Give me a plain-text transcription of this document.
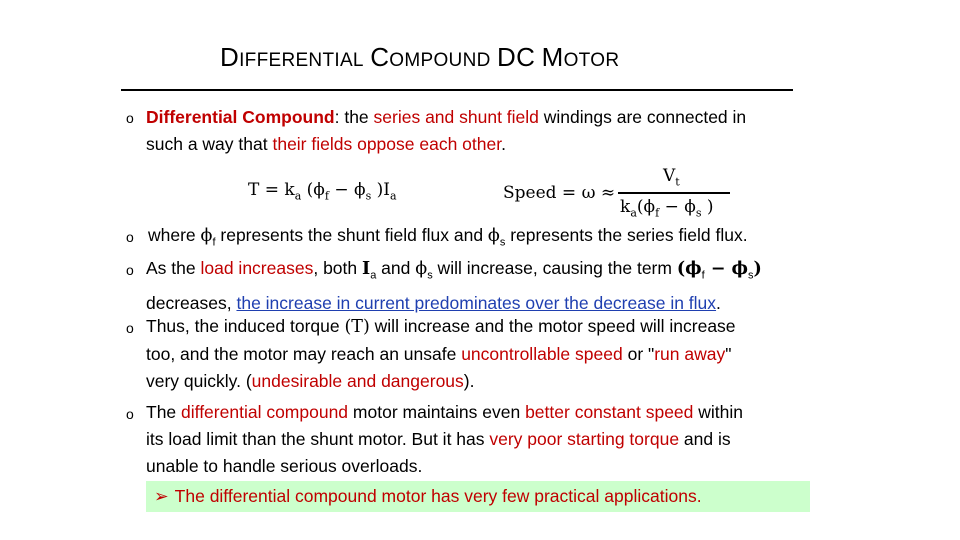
DIFFERENTIAL COMPOUND DC MOTOR
o Differential Compound: the series and shunt field windings are connected in
such a way that their fields oppose each other.
$T = k_a$ ($\phi_f - \phi_s$ )$I_a$	Speed = ω ≈
$V_t$
$k_a(\phi_f - \phi_s$ )
o where $\phi_f$ represents the shunt field flux and $\phi_s$ represents the series field flux.
o As the load increases, both $I_a$ and $\phi_s$ will increase, causing the term $(\phi_f - \phi_s)$
decreases, the increase in current predominates over the decrease in flux.
o Thus, the induced torque (T) will increase and the motor speed will increase
too, and the motor may reach an unsafe uncontrollable speed or "run away"
very quickly. (undesirable and dangerous).
o The differential compound motor maintains even better constant speed within
its load limit than the shunt motor. But it has very poor starting torque and is
unable to handle serious overloads.
➢ The differential compound motor has very few practical applications.
